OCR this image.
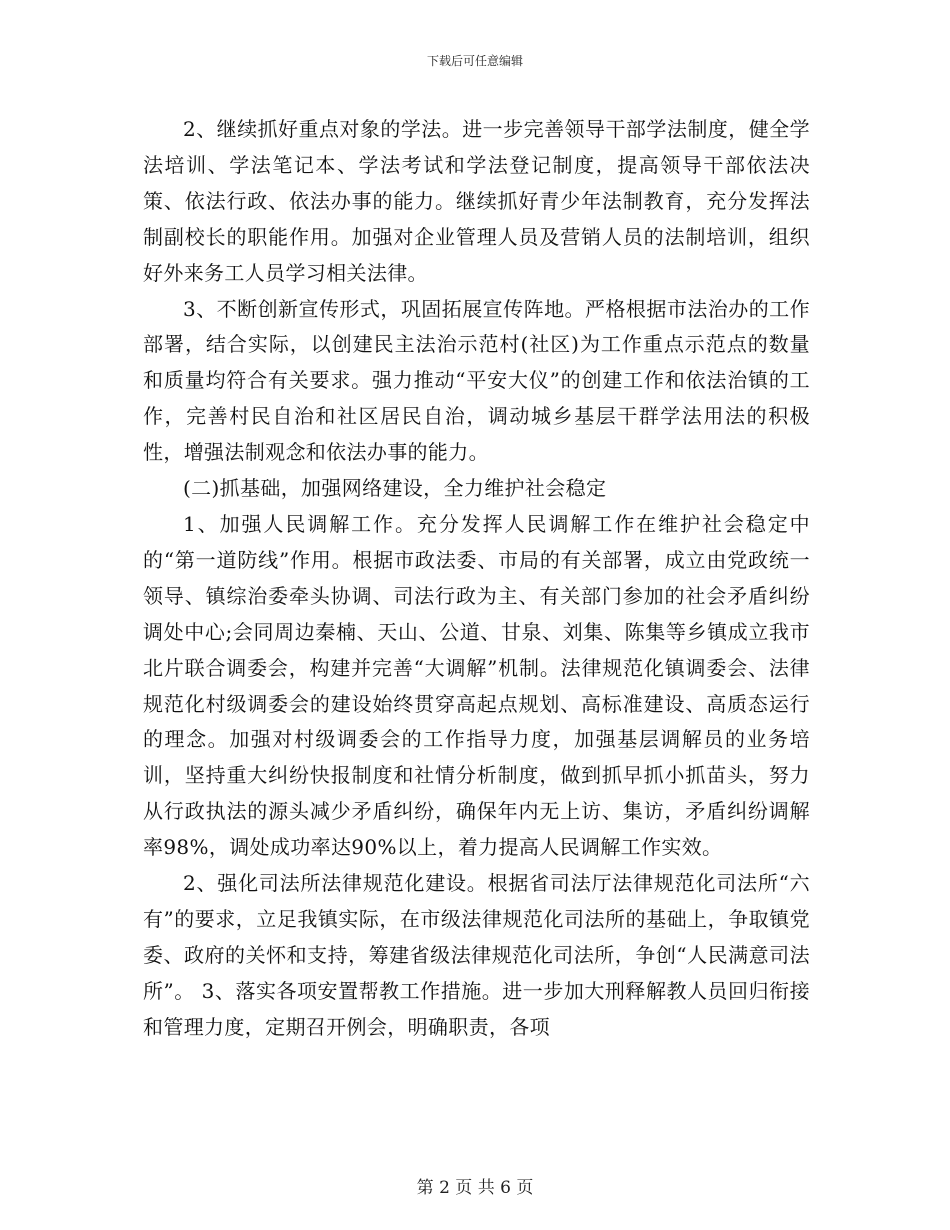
下载后可任意编辑

2、继续抓好重点对象的学法。进一步完善领导干部学法制度，健全学法培训、学法笔记本、学法考试和学法登记制度，提高领导干部依法决策、依法行政、依法办事的能力。继续抓好青少年法制教育，充分发挥法制副校长的职能作用。加强对企业管理人员及营销人员的法制培训，组织好外来务工人员学习相关法律。

3、不断创新宣传形式，巩固拓展宣传阵地。严格根据市法治办的工作部署，结合实际，以创建民主法治示范村(社区)为工作重点示范点的数量和质量均符合有关要求。强力推动“平安大仪”的创建工作和依法治镇的工作，完善村民自治和社区居民自治，调动城乡基层干群学法用法的积极性，增强法制观念和依法办事的能力。

(二)抓基础，加强网络建设，全力维护社会稳定

1、加强人民调解工作。充分发挥人民调解工作在维护社会稳定中的“第一道防线”作用。根据市政法委、市局的有关部署，成立由党政统一领导、镇综治委牵头协调、司法行政为主、有关部门参加的社会矛盾纠纷调处中心;会同周边秦楠、天山、公道、甘泉、刘集、陈集等乡镇成立我市北片联合调委会，构建并完善“大调解”机制。法律规范化镇调委会、法律规范化村级调委会的建设始终贯穿高起点规划、高标准建设、高质态运行的理念。加强对村级调委会的工作指导力度，加强基层调解员的业务培训，坚持重大纠纷快报制度和社情分析制度，做到抓早抓小抓苗头，努力从行政执法的源头减少矛盾纠纷，确保年内无上访、集访，矛盾纠纷调解率98%，调处成功率达90%以上，着力提高人民调解工作实效。

2、强化司法所法律规范化建设。根据省司法厅法律规范化司法所“六有”的要求，立足我镇实际，在市级法律规范化司法所的基础上，争取镇党委、政府的关怀和支持，筹建省级法律规范化司法所，争创“人民满意司法所”。 3、落实各项安置帮教工作措施。进一步加大刑释解教人员回归衔接和管理力度，定期召开例会，明确职责，各项

第 2 页 共 6 页
